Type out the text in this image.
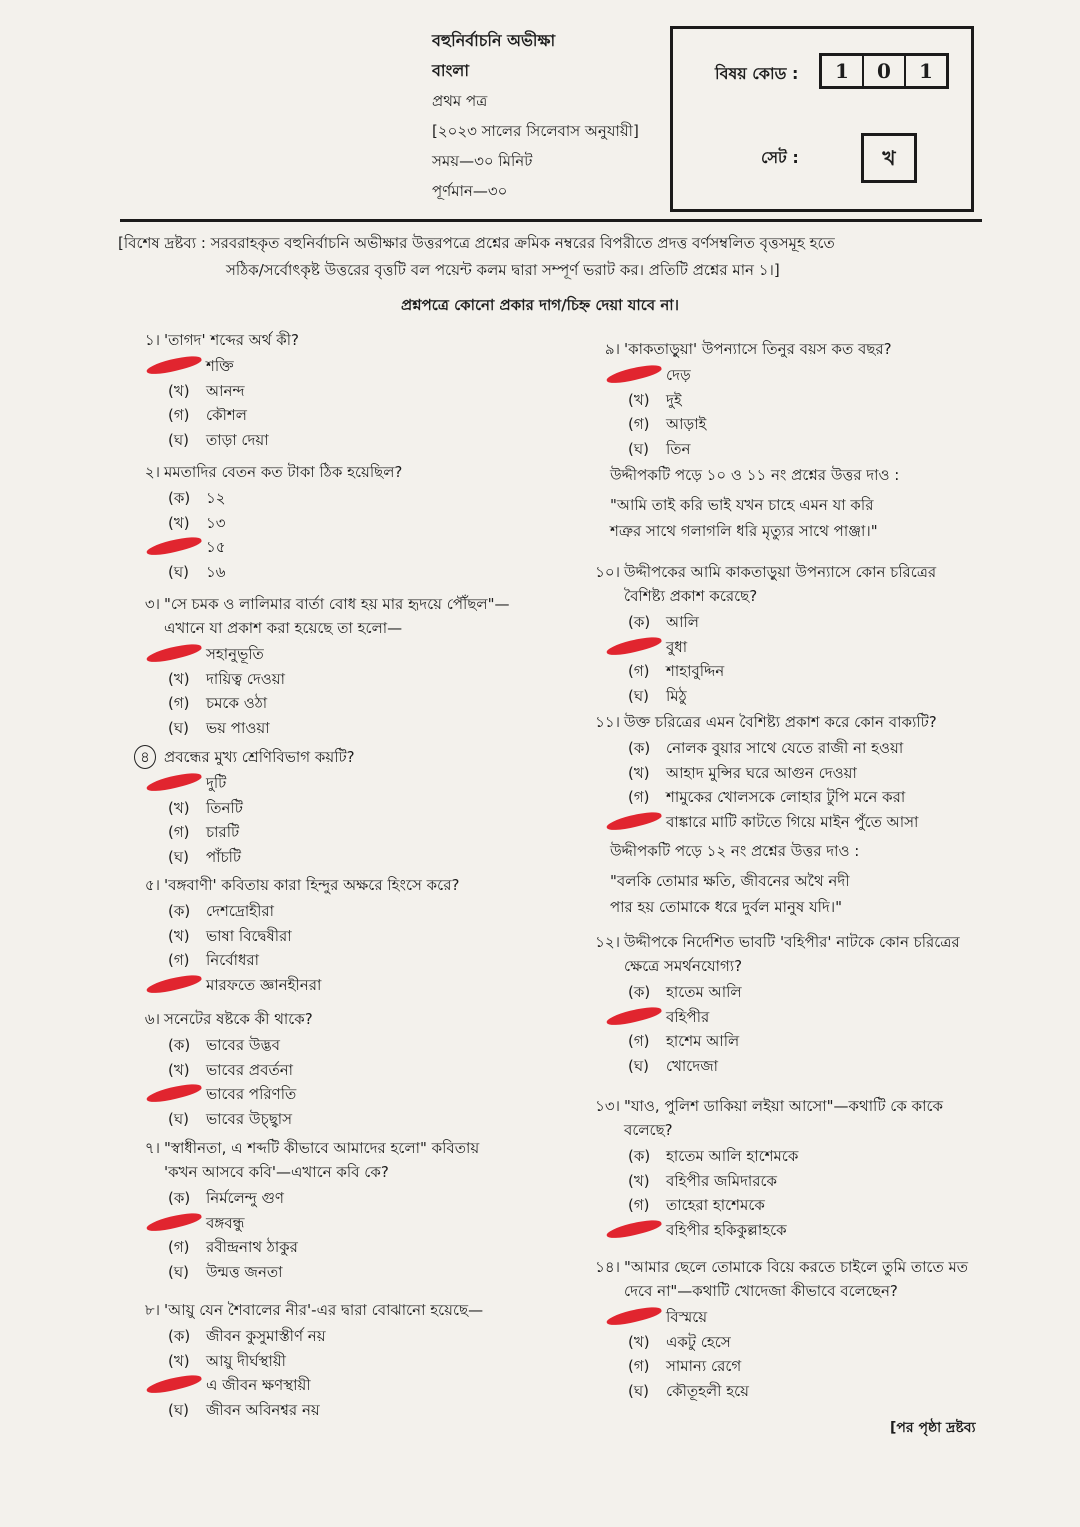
বহুনির্বাচনি অভীক্ষা
বাংলা
প্রথম পত্র
[২০২৩ সালের সিলেবাস অনুযায়ী]
সময়—৩০ মিনিট
পূর্ণমান—৩০
বিষয় কোড :	1	0	1
সেট :	খ
[বিশেষ দ্রষ্টব্য : সরবরাহকৃত বহুনির্বাচনি অভীক্ষার উত্তরপত্রে প্রশ্নের ক্রমিক নম্বরের বিপরীতে প্রদত্ত বর্ণসম্বলিত বৃত্তসমূহ হতে
সঠিক/সর্বোৎকৃষ্ট উত্তরের বৃত্তটি বল পয়েন্ট কলম দ্বারা সম্পূর্ণ ভরাট কর। প্রতিটি প্রশ্নের মান ১।]
প্রশ্নপত্রে কোনো প্রকার দাগ/চিহ্ন দেয়া যাবে না।
১। 'তাগদ' শব্দের অর্থ কী?
শক্তি
(খ) আনন্দ
(গ) কৌশল
(ঘ) তাড়া দেয়া
২। মমতাদির বেতন কত টাকা ঠিক হয়েছিল?
(ক) ১২
(খ) ১৩
১৫
(ঘ) ১৬
৩। "সে চমক ও লালিমার বার্তা বোধ হয় মার হৃদয়ে পৌঁছল"—
এখানে যা প্রকাশ করা হয়েছে তা হলো—
সহানুভূতি
(খ) দায়িত্ব দেওয়া
(গ) চমকে ওঠা
(ঘ) ভয় পাওয়া
৪ প্রবন্ধের মুখ্য শ্রেণিবিভাগ কয়টি?
দুটি
(খ) তিনটি
(গ) চারটি
(ঘ) পাঁচটি
৫। 'বঙ্গবাণী' কবিতায় কারা হিন্দুর অক্ষরে হিংসে করে?
(ক) দেশদ্রোহীরা
(খ) ভাষা বিদ্বেষীরা
(গ) নির্বোধরা
মারফতে জ্ঞানহীনরা
৬। সনেটের ষষ্টকে কী থাকে?
(ক) ভাবের উদ্ভব
(খ) ভাবের প্রবর্তনা
ভাবের পরিণতি
(ঘ) ভাবের উচ্ছ্বাস
৭। "স্বাধীনতা, এ শব্দটি কীভাবে আমাদের হলো" কবিতায়
'কখন আসবে কবি'—এখানে কবি কে?
(ক) নির্মলেন্দু গুণ
বঙ্গবন্ধু
(গ) রবীন্দ্রনাথ ঠাকুর
(ঘ) উন্মত্ত জনতা
৮। 'আয়ু যেন শৈবালের নীর'-এর দ্বারা বোঝানো হয়েছে—
(ক) জীবন কুসুমাস্তীর্ণ নয়
(খ) আয়ু দীর্ঘস্থায়ী
এ জীবন ক্ষণস্থায়ী
(ঘ) জীবন অবিনশ্বর নয়
৯। 'কাকতাড়ুয়া' উপন্যাসে তিনুর বয়স কত বছর?
দেড়
(খ) দুই
(গ) আড়াই
(ঘ) তিন
১০। উদ্দীপকের আমি কাকতাড়ুয়া উপন্যাসে কোন চরিত্রের
বৈশিষ্ট্য প্রকাশ করেছে?
(ক) আলি
বুধা
(গ) শাহাবুদ্দিন
(ঘ) মিঠু
১১। উক্ত চরিত্রের এমন বৈশিষ্ট্য প্রকাশ করে কোন বাক্যটি?
(ক) নোলক বুয়ার সাথে যেতে রাজী না হওয়া
(খ) আহাদ মুন্সির ঘরে আগুন দেওয়া
(গ) শামুকের খোলসকে লোহার টুপি মনে করা
বাঙ্কারে মাটি কাটতে গিয়ে মাইন পুঁতে আসা
১২। উদ্দীপকে নির্দেশিত ভাবটি 'বহিপীর' নাটকে কোন চরিত্রের
ক্ষেত্রে সমর্থনযোগ্য?
(ক) হাতেম আলি
বহিপীর
(গ) হাশেম আলি
(ঘ) খোদেজা
১৩। "যাও, পুলিশ ডাকিয়া লইয়া আসো"—কথাটি কে কাকে
বলেছে?
(ক) হাতেম আলি হাশেমকে
(খ) বহিপীর জমিদারকে
(গ) তাহেরা হাশেমকে
বহিপীর হকিকুল্লাহকে
১৪। "আমার ছেলে তোমাকে বিয়ে করতে চাইলে তুমি তাতে মত
দেবে না"—কথাটি খোদেজা কীভাবে বলেছেন?
বিস্ময়ে
(খ) একটু হেসে
(গ) সামান্য রেগে
(ঘ) কৌতূহলী হয়ে
উদ্দীপকটি পড়ে ১০ ও ১১ নং প্রশ্নের উত্তর দাও :
"আমি তাই করি ভাই যখন চাহে এমন যা করি
শত্রুর সাথে গলাগলি ধরি মৃত্যুর সাথে পাঞ্জা।"
উদ্দীপকটি পড়ে ১২ নং প্রশ্নের উত্তর দাও :
"বলকি তোমার ক্ষতি, জীবনের অথৈ নদী
পার হয় তোমাকে ধরে দুর্বল মানুষ যদি।"
[পর পৃষ্ঠা দ্রষ্টব্য
